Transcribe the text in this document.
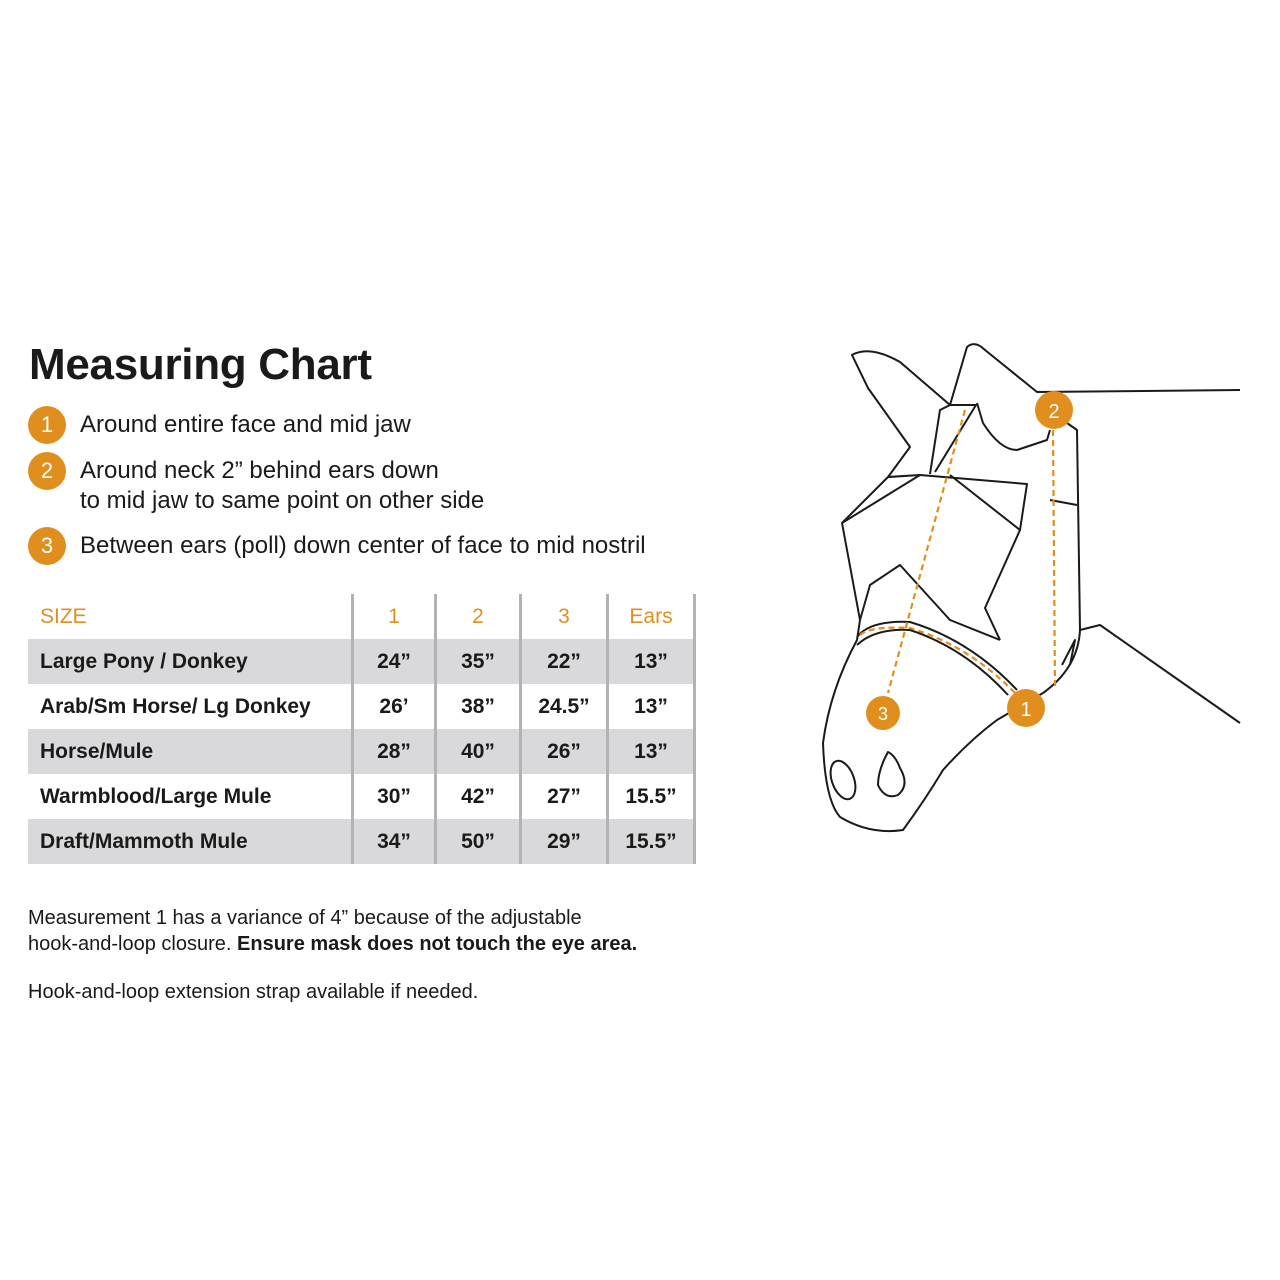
Measuring Chart
1	Around entire face and mid jaw
2	Around neck 2” behind ears down
to mid jaw to same point on other side
3	Between ears (poll) down center of face to mid nostril
SIZE	1	2	3	Ears
Large Pony / Donkey	24”	35”	22”	13”
Arab/Sm Horse/ Lg Donkey	26’	38”	24.5”	13”
Horse/Mule	28”	40”	26”	13”
Warmblood/Large Mule	30”	42”	27”	15.5”
Draft/Mammoth Mule	34”	50”	29”	15.5”
Measurement 1 has a variance of 4” because of the adjustable
hook-and-loop closure. Ensure mask does not touch the eye area.
Hook-and-loop extension strap available if needed.
1
2
3
